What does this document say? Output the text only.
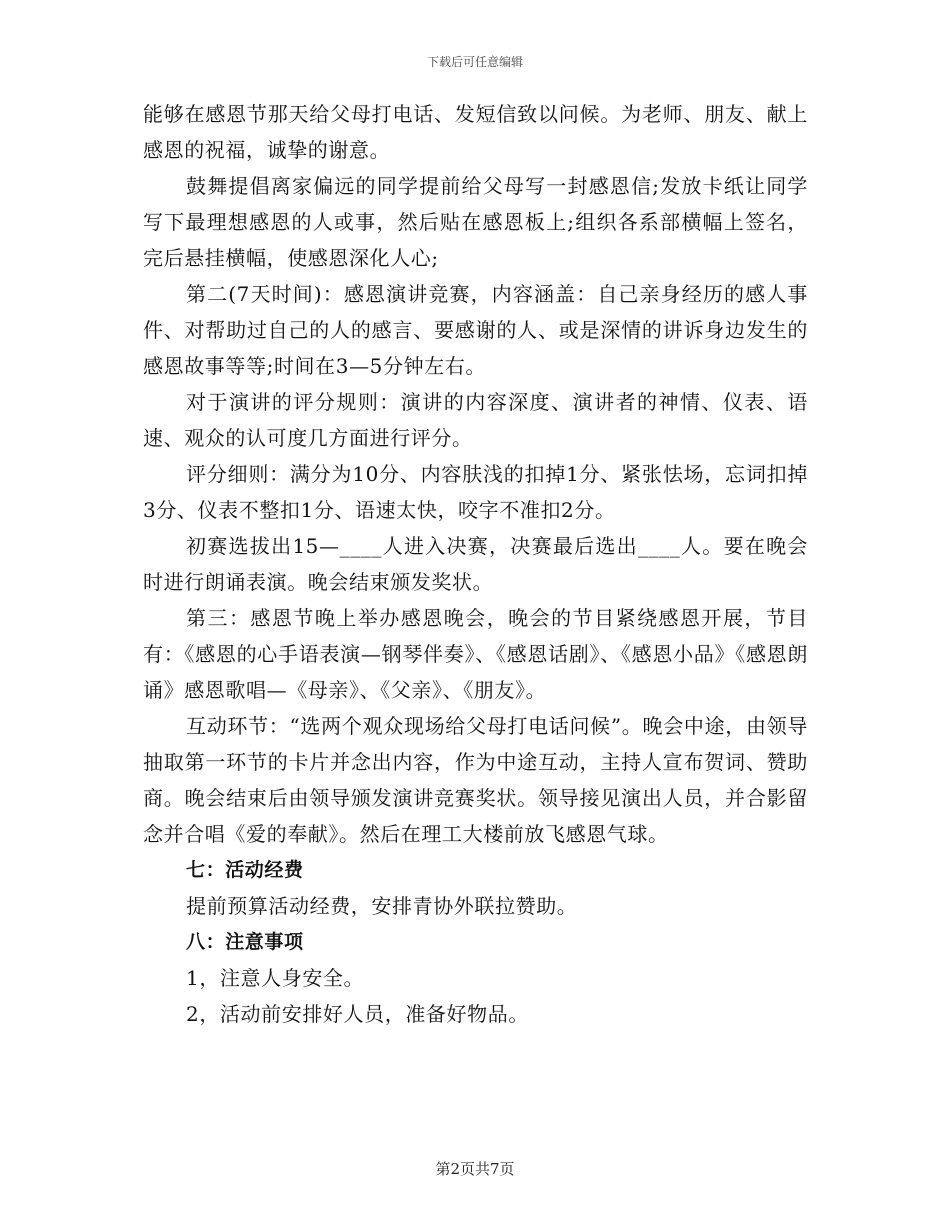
下载后可任意编辑

能够在感恩节那天给父母打电话、发短信致以问候。为老师、朋友、献上感恩的祝福，诚挚的谢意。

鼓舞提倡离家偏远的同学提前给父母写一封感恩信;发放卡纸让同学写下最理想感恩的人或事，然后贴在感恩板上;组织各系部横幅上签名，完后悬挂横幅，使感恩深化人心;

第二(7天时间)：感恩演讲竞赛，内容涵盖：自己亲身经历的感人事件、对帮助过自己的人的感言、要感谢的人、或是深情的讲诉身边发生的感恩故事等等;时间在3—5分钟左右。

对于演讲的评分规则：演讲的内容深度、演讲者的神情、仪表、语速、观众的认可度几方面进行评分。

评分细则：满分为10分、内容肤浅的扣掉1分、紧张怯场，忘词扣掉3分、仪表不整扣1分、语速太快，咬字不准扣2分。

初赛选拔出15—____人进入决赛，决赛最后选出____人。要在晚会时进行朗诵表演。晚会结束颁发奖状。

第三：感恩节晚上举办感恩晚会，晚会的节目紧绕感恩开展，节目有：《感恩的心手语表演—钢琴伴奏》、《感恩话剧》、《感恩小品》《感恩朗诵》感恩歌唱—《母亲》、《父亲》、《朋友》。

互动环节：“选两个观众现场给父母打电话问候”。晚会中途，由领导抽取第一环节的卡片并念出内容，作为中途互动，主持人宣布贺词、赞助商。晚会结束后由领导颁发演讲竞赛奖状。领导接见演出人员，并合影留念并合唱《爱的奉献》。然后在理工大楼前放飞感恩气球。

七：活动经费

提前预算活动经费，安排青协外联拉赞助。

八：注意事项

1，注意人身安全。

2，活动前安排好人员，准备好物品。

第2页共7页
